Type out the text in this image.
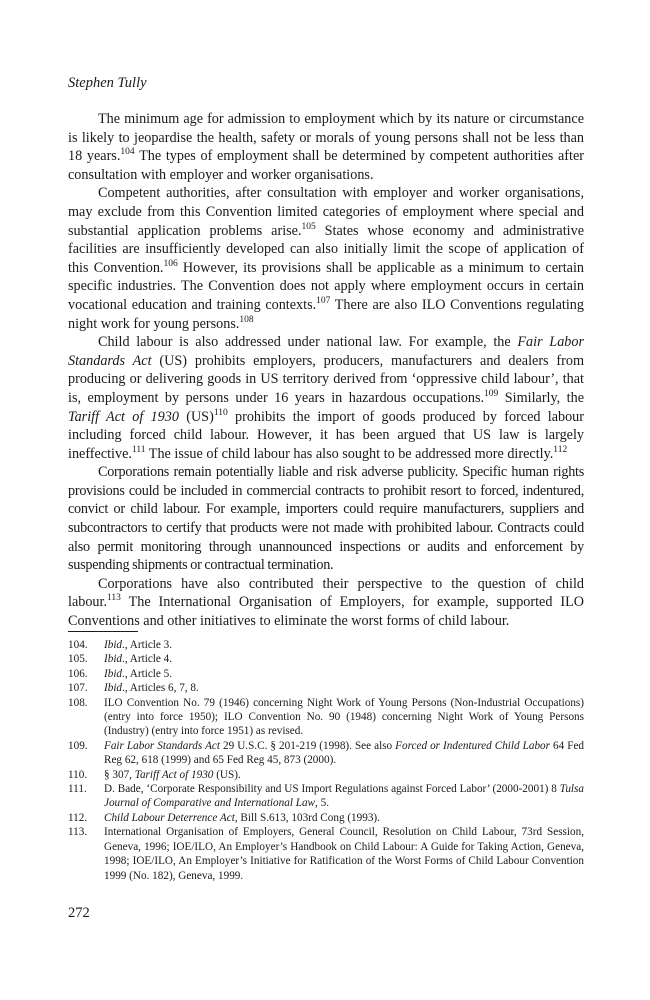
Stephen Tully

The minimum age for admission to employment which by its nature or circumstance is likely to jeopardise the health, safety or morals of young persons shall not be less than 18 years.$^{104}$ The types of employment shall be determined by competent authorities after consultation with employer and worker organisations.

Competent authorities, after consultation with employer and worker organisations, may exclude from this Convention limited categories of employment where special and substantial application problems arise.$^{105}$ States whose economy and administrative facilities are insufficiently developed can also initially limit the scope of application of this Convention.$^{106}$ However, its provisions shall be applicable as a minimum to certain specific industries. The Convention does not apply where employment occurs in certain vocational education and training contexts.$^{107}$ There are also ILO Conventions regulating night work for young persons.$^{108}$

Child labour is also addressed under national law. For example, the Fair Labor Standards Act (US) prohibits employers, producers, manufacturers and dealers from producing or delivering goods in US territory derived from ‘oppressive child labour’, that is, employment by persons under 16 years in hazardous occupations.$^{109}$ Similarly, the Tariff Act of 1930 (US)$^{110}$ prohibits the import of goods produced by forced labour including forced child labour. However, it has been argued that US law is largely ineffective.$^{111}$ The issue of child labour has also sought to be addressed more directly.$^{112}$

Corporations remain potentially liable and risk adverse publicity. Specific human rights provisions could be included in commercial contracts to prohibit resort to forced, indentured, convict or child labour. For example, importers could require manufacturers, suppliers and subcontractors to certify that products were not made with prohibited labour. Contracts could also permit monitoring through unannounced inspections or audits and enforcement by suspending shipments or contractual termination.

Corporations have also contributed their perspective to the question of child labour.$^{113}$ The International Organisation of Employers, for example, supported ILO Conventions and other initiatives to eliminate the worst forms of child labour.

104.	Ibid., Article 3.
105.	Ibid., Article 4.
106.	Ibid., Article 5.
107.	Ibid., Articles 6, 7, 8.
108.	ILO Convention No. 79 (1946) concerning Night Work of Young Persons (Non-Industrial Occupations) (entry into force 1950); ILO Convention No. 90 (1948) concerning Night Work of Young Persons (Industry) (entry into force 1951) as revised.
109.	Fair Labor Standards Act 29 U.S.C. § 201-219 (1998). See also Forced or Indentured Child Labor 64 Fed Reg 62, 618 (1999) and 65 Fed Reg 45, 873 (2000).
110.	§ 307, Tariff Act of 1930 (US).
111.	D. Bade, ‘Corporate Responsibility and US Import Regulations against Forced Labor’ (2000-2001) 8 Tulsa Journal of Comparative and International Law, 5.
112.	Child Labour Deterrence Act, Bill S.613, 103rd Cong (1993).
113.	International Organisation of Employers, General Council, Resolution on Child Labour, 73rd Session, Geneva, 1996; IOE/ILO, An Employer’s Handbook on Child Labour: A Guide for Taking Action, Geneva, 1998; IOE/ILO, An Employer’s Initiative for Ratification of the Worst Forms of Child Labour Convention 1999 (No. 182), Geneva, 1999.
272
